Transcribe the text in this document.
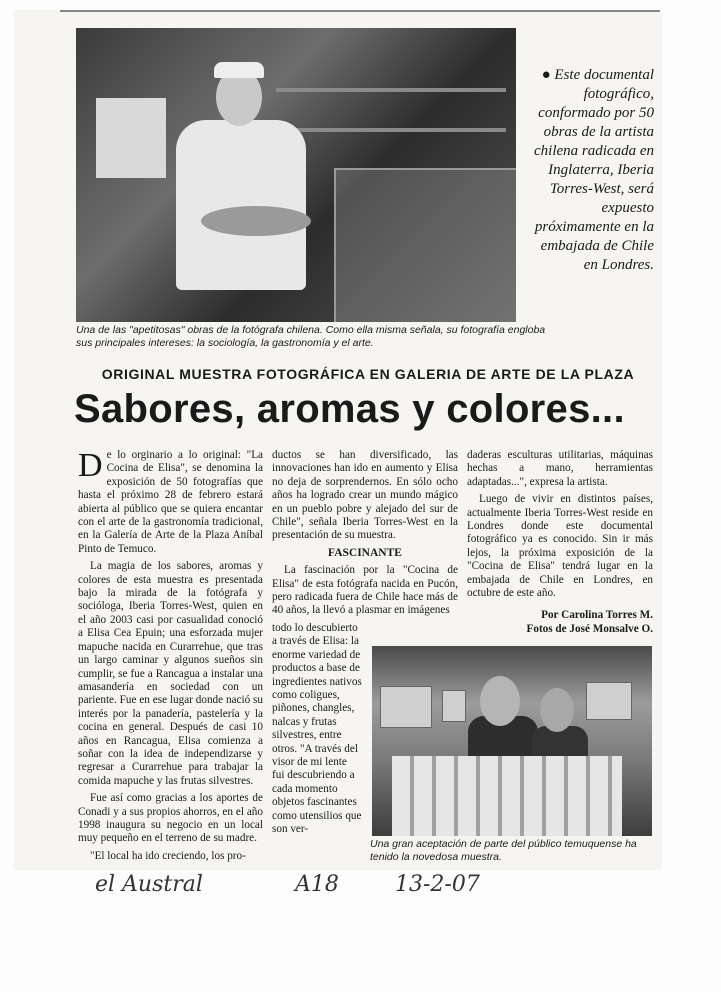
Una de las "apetitosas" obras de la fotógrafa chilena. Como ella misma señala, su fotografía engloba sus principales intereses: la sociología, la gastronomía y el arte.
● Este documental fotográfico, conformado por 50 obras de la artista chilena radicada en Inglaterra, Iberia Torres-West, será expuesto próximamente en la embajada de Chile en Londres.
ORIGINAL MUESTRA FOTOGRÁFICA EN GALERIA DE ARTE DE LA PLAZA
Sabores, aromas y colores...

De lo orginario a lo original: "La Cocina de Elisa", se denomina la exposición de 50 fotografías que hasta el próximo 28 de febrero estará abierta al público que se quiera encantar con el arte de la gastronomía tradicional, en la Galería de Arte de la Plaza Aníbal Pinto de Temuco.

La magia de los sabores, aromas y colores de esta muestra es presentada bajo la mirada de la fotógrafa y socióloga, Iberia Torres-West, quien en el año 2003 casi por casualidad conoció a Elisa Cea Epuin; una esforzada mujer mapuche nacida en Curarrehue, que tras un largo caminar y algunos sueños sin cumplir, se fue a Rancagua a instalar una amasandería en sociedad con un pariente. Fue en ese lugar donde nació su interés por la panadería, pastelería y la cocina en general. Después de casi 10 años en Rancagua, Elisa comienza a soñar con la idea de independizarse y regresar a Curarrehue para trabajar la comida mapuche y las frutas silvestres.

Fue así como gracias a los aportes de Conadi y a sus propios ahorros, en el año 1998 inaugura su negocio en un local muy pequeño en el terreno de su madre.

"El local ha ido creciendo, los pro-

ductos se han diversificado, las innovaciones han ido en aumento y Elisa no deja de sorprendernos. En sólo ocho años ha logrado crear un mundo mágico en un pueblo pobre y alejado del sur de Chile", señala Iberia Torres-West en la presentación de su muestra.

FASCINANTE

La fascinación por la "Cocina de Elisa" de esta fotógrafa nacida en Pucón, pero radicada fuera de Chile hace más de 40 años, la llevó a plasmar en imágenes

todo lo descubierto a través de Elisa: la enorme variedad de productos a base de ingredientes nativos como coligues, piñones, changles, nalcas y frutas silvestres, entre otros. "A través del visor de mi lente fui descubriendo a cada momento objetos fascinantes como utensilios que son ver-

daderas esculturas utilitarias, máquinas hechas a mano, herramientas adaptadas...", expresa la artista.

Luego de vivir en distintos países, actualmente Iberia Torres-West reside en Londres donde este documental fotográfico ya es conocido. Sin ir más lejos, la próxima exposición de la "Cocina de Elisa" tendrá lugar en la embajada de Chile en Londres, en octubre de este año.

Por Carolina Torres M.
Fotos de José Monsalve O.
Una gran aceptación de parte del público temuquense ha tenido la novedosa muestra.
el Austral	A18	13-2-07
